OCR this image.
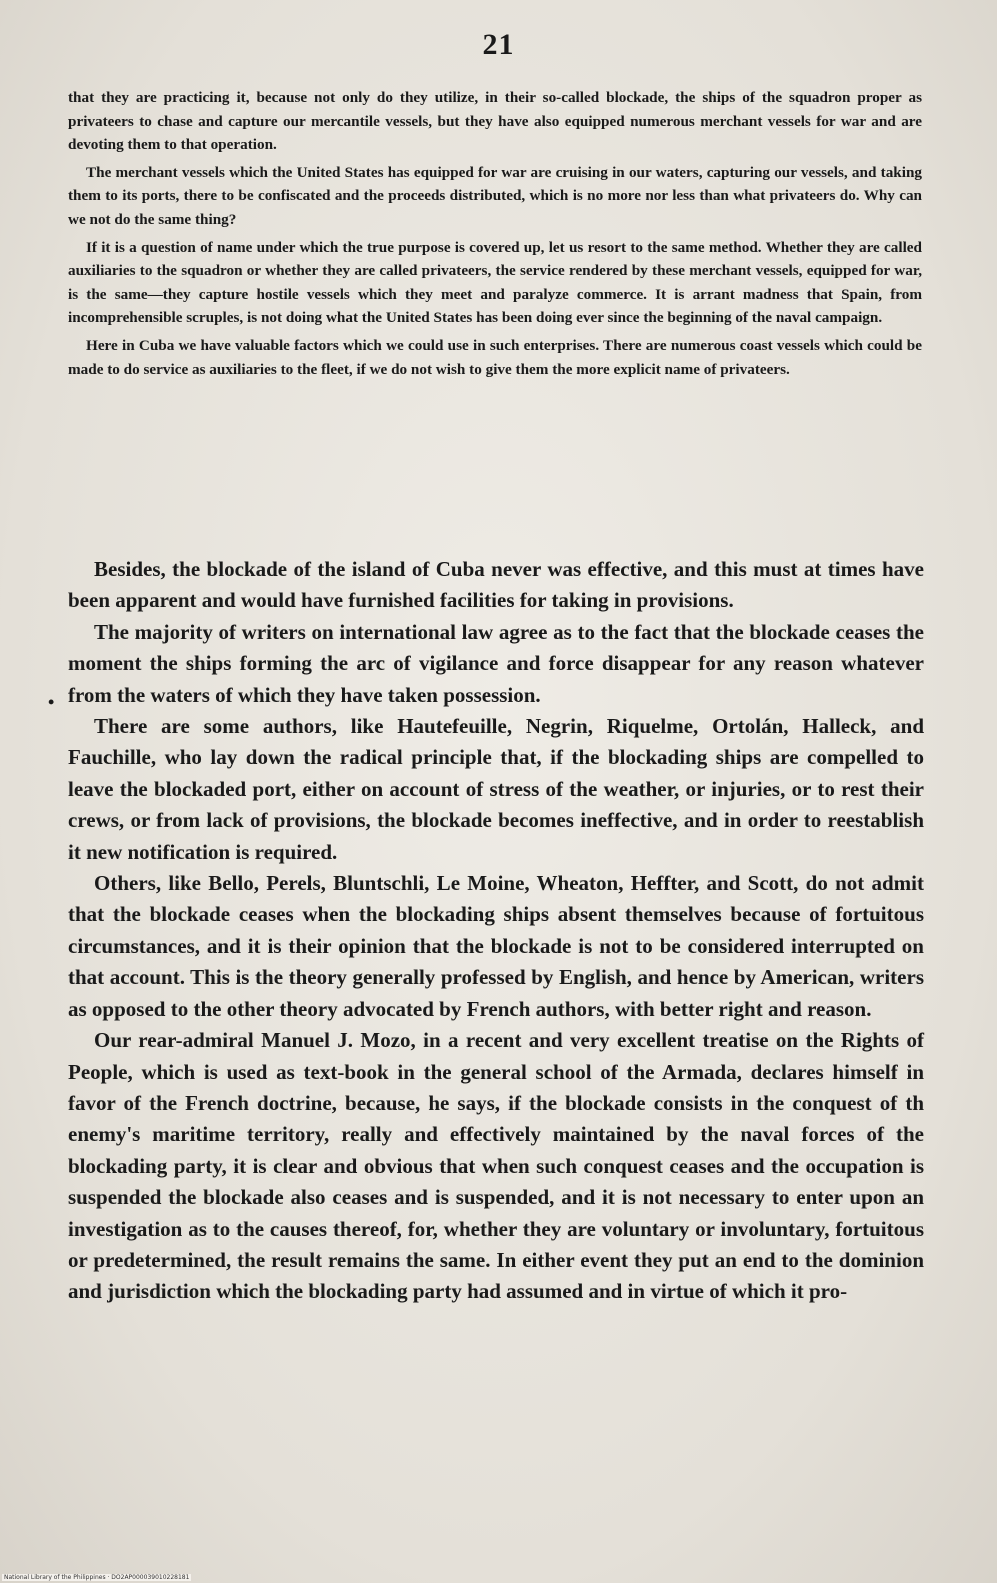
21

that they are practicing it, because not only do they utilize, in their so-called blockade, the ships of the squadron proper as privateers to chase and capture our mercantile vessels, but they have also equipped numerous merchant vessels for war and are devoting them to that operation.

The merchant vessels which the United States has equipped for war are cruising in our waters, capturing our vessels, and taking them to its ports, there to be confiscated and the proceeds distributed, which is no more nor less than what privateers do. Why can we not do the same thing?

If it is a question of name under which the true purpose is covered up, let us resort to the same method. Whether they are called auxiliaries to the squadron or whether they are called privateers, the service rendered by these merchant vessels, equipped for war, is the same—they capture hostile vessels which they meet and paralyze commerce. It is arrant madness that Spain, from incomprehensible scruples, is not doing what the United States has been doing ever since the beginning of the naval campaign.

Here in Cuba we have valuable factors which we could use in such enterprises. There are numerous coast vessels which could be made to do service as auxiliaries to the fleet, if we do not wish to give them the more explicit name of privateers.

•

Besides, the blockade of the island of Cuba never was effective, and this must at times have been apparent and would have furnished facilities for taking in provisions.

The majority of writers on international law agree as to the fact that the blockade ceases the moment the ships forming the arc of vigilance and force disappear for any reason whatever from the waters of which they have taken possession.

There are some authors, like Hautefeuille, Negrin, Riquelme, Ortolán, Halleck, and Fauchille, who lay down the radical principle that, if the blockading ships are compelled to leave the blockaded port, either on account of stress of the weather, or injuries, or to rest their crews, or from lack of provisions, the blockade becomes ineffective, and in order to reestablish it new notification is required.

Others, like Bello, Perels, Bluntschli, Le Moine, Wheaton, Heffter, and Scott, do not admit that the blockade ceases when the blockading ships absent themselves because of fortuitous circumstances, and it is their opinion that the blockade is not to be considered interrupted on that account. This is the theory generally professed by English, and hence by American, writers as opposed to the other theory advocated by French authors, with better right and reason.

Our rear-admiral Manuel J. Mozo, in a recent and very excellent treatise on the Rights of People, which is used as text-book in the general school of the Armada, declares himself in favor of the French doctrine, because, he says, if the blockade consists in the conquest of th enemy's maritime territory, really and effectively maintained by the naval forces of the blockading party, it is clear and obvious that when such conquest ceases and the occupation is suspended the blockade also ceases and is suspended, and it is not necessary to enter upon an investigation as to the causes thereof, for, whether they are voluntary or involuntary, fortuitous or predetermined, the result remains the same. In either event they put an end to the dominion and jurisdiction which the blockading party had assumed and in virtue of which it pro-

National Library of the Philippines · DO2AP000039010228181
